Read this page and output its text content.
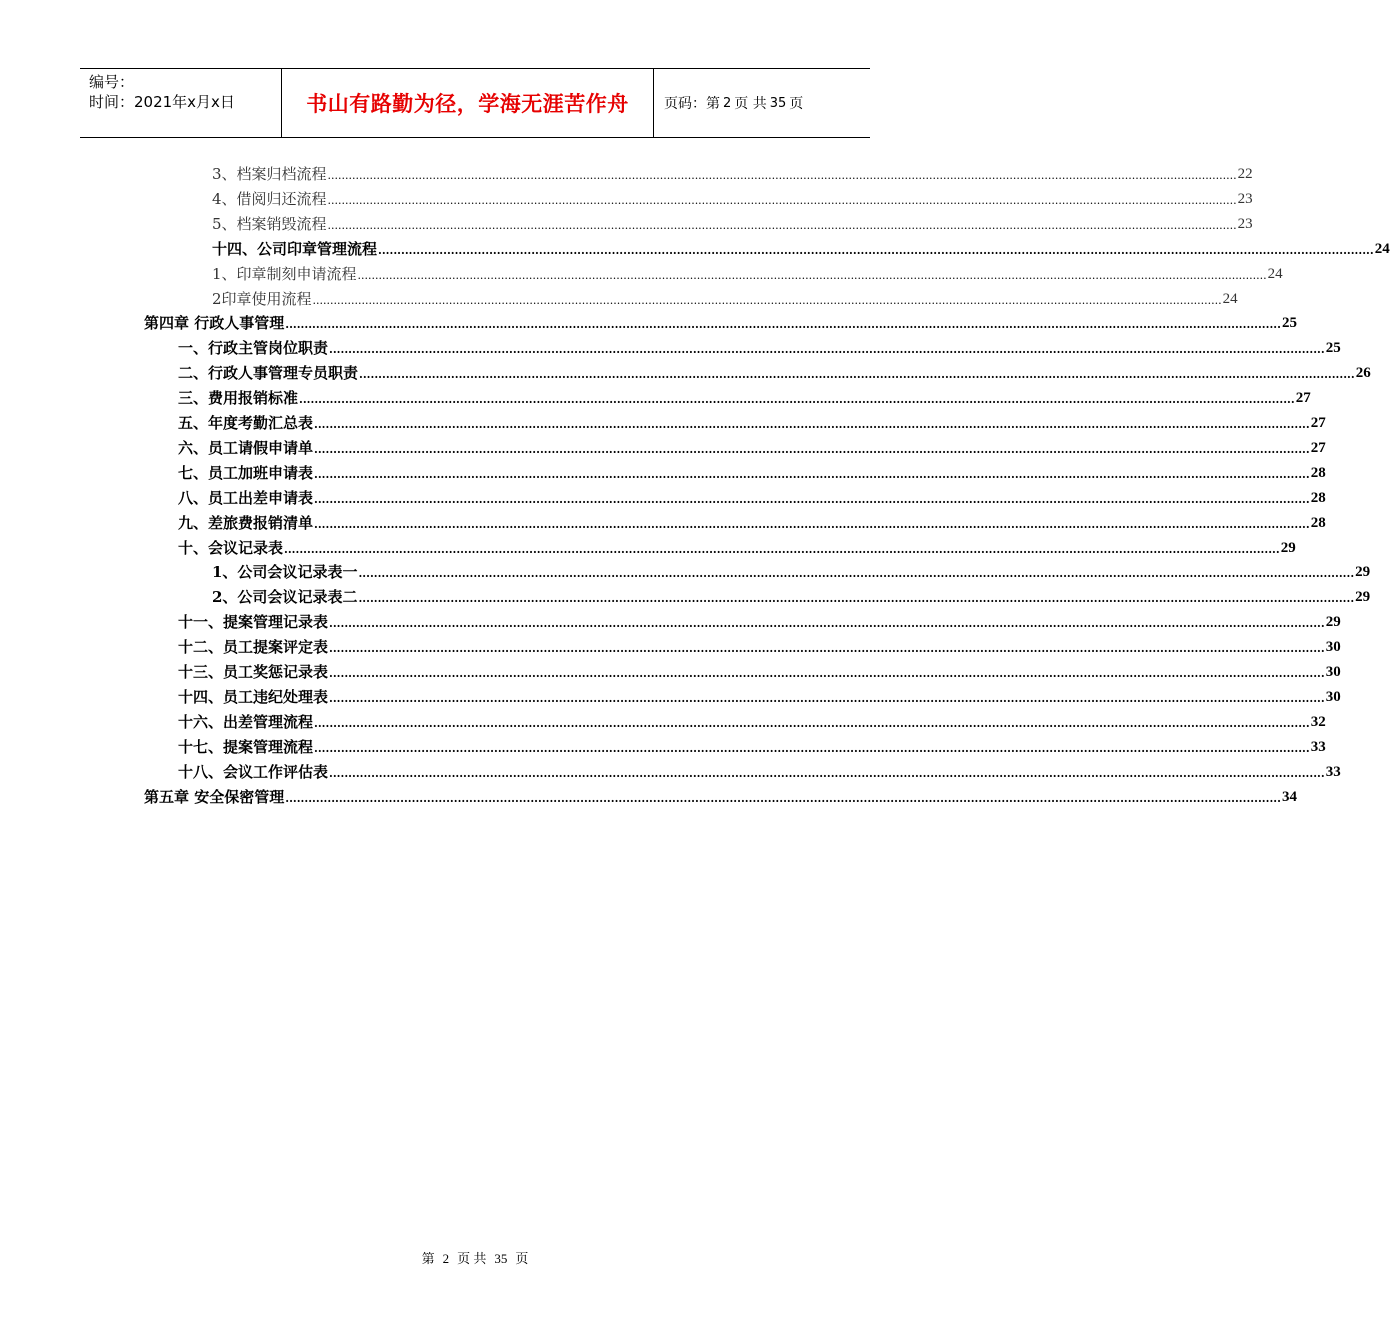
编号：
时间：2021年x月x日	书山有路勤为径，学海无涯苦作舟	页码：第 2 页 共 35 页
3、档案归档流程 .................................................................................................................................................................................................................................................................... 22
4、借阅归还流程 .................................................................................................................................................................................................................................................................... 23
5、档案销毁流程 .................................................................................................................................................................................................................................................................... 23
十四、公司印章管理流程 .................................................................................................................................................................................................................................................................... 24
1、印章制刻申请流程 .................................................................................................................................................................................................................................................................... 24
2印章使用流程 .................................................................................................................................................................................................................................................................... 24
第四章 行政人事管理 .................................................................................................................................................................................................................................................................... 25
一、行政主管岗位职责 .................................................................................................................................................................................................................................................................... 25
二、行政人事管理专员职责 .................................................................................................................................................................................................................................................................... 26
三、费用报销标准 .................................................................................................................................................................................................................................................................... 27
五、年度考勤汇总表 .................................................................................................................................................................................................................................................................... 27
六、员工请假申请单 .................................................................................................................................................................................................................................................................... 27
七、员工加班申请表 .................................................................................................................................................................................................................................................................... 28
八、员工出差申请表 .................................................................................................................................................................................................................................................................... 28
九、差旅费报销清单 .................................................................................................................................................................................................................................................................... 28
十、会议记录表 .................................................................................................................................................................................................................................................................... 29
1、公司会议记录表一 .................................................................................................................................................................................................................................................................... 29
2、公司会议记录表二 .................................................................................................................................................................................................................................................................... 29
十一、提案管理记录表 .................................................................................................................................................................................................................................................................... 29
十二、员工提案评定表 .................................................................................................................................................................................................................................................................... 30
十三、员工奖惩记录表 .................................................................................................................................................................................................................................................................... 30
十四、员工违纪处理表 .................................................................................................................................................................................................................................................................... 30
十六、出差管理流程 .................................................................................................................................................................................................................................................................... 32
十七、提案管理流程 .................................................................................................................................................................................................................................................................... 33
十八、会议工作评估表 .................................................................................................................................................................................................................................................................... 33
第五章 安全保密管理 .................................................................................................................................................................................................................................................................... 34
第 2 页 共 35 页
